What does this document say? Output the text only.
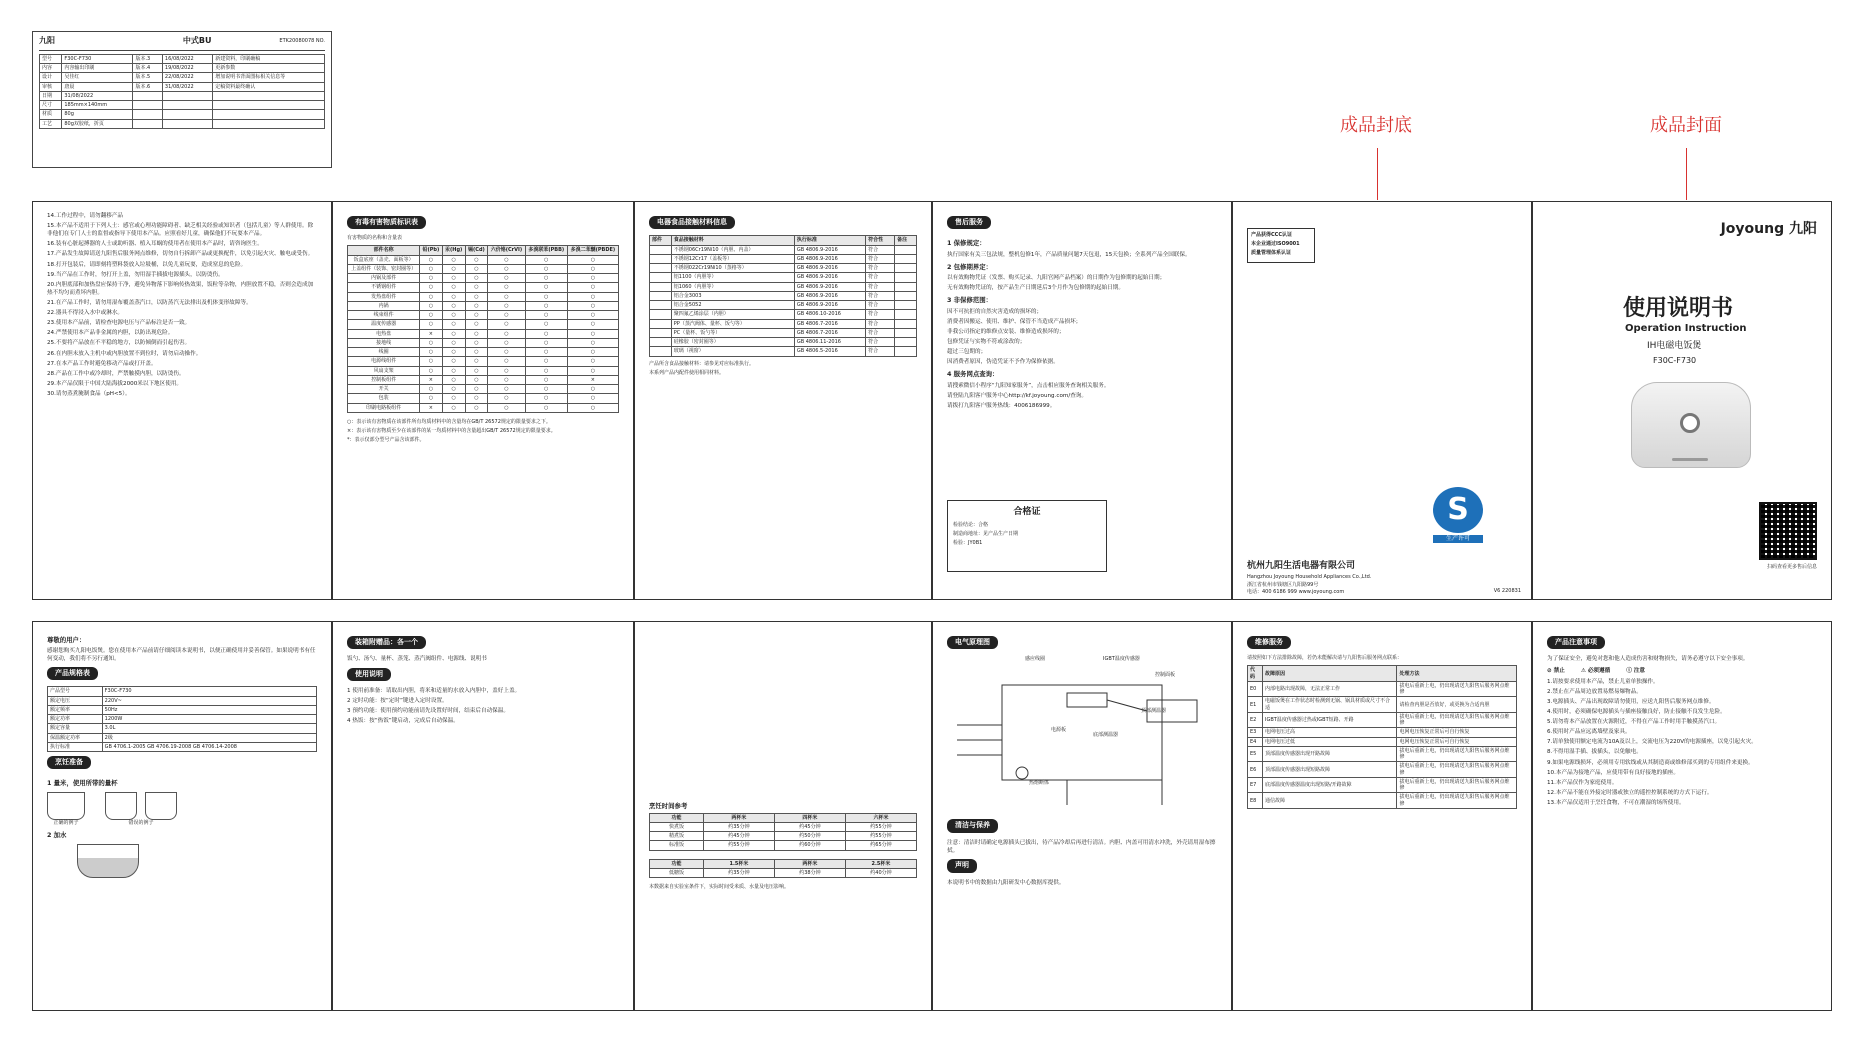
九阳	中式BU	ETK20080078 NO.
型号	F30C-F730	版本.3	16/08/2022	新建资料，印刷确稿
内容	内容输出印刷	版本.4	19/08/2022	更新参数
设计	吴佳红	版本.5	22/08/2022	增加说明书背面图标相关信息等
审核	唐晨	版本.6	31/08/2022	定稿资料最终确认
日期	31/08/2022			
尺寸	185mm×140mm			
材质	80g			
工艺	80g双胶纸，折页				成品封底	成品封面
14.工作过程中，请勿翻移产品
15.本产品不适用于下列人士：感官或心理功能障碍者、缺乏相关经验或知识者（包括儿童）等人群使用。除非他们在专门人士的监督或指导下使用本产品。应照看好儿童，确保他们不玩耍本产品。
16.装有心脏起搏器的人士或助听器、植入耳蜗的使用者在使用本产品时，请咨询医生。
17.产品发生故障请送九阳售后服务网点维修，切勿自行拆卸产品或更换配件，以免引起火灾、触电或受伤。
18.打开包装后，请即刻将塑料袋放入垃圾桶，以免儿童玩耍，造成窒息的危险。
19.当产品在工作时，勿打开上盖，勿用湿手插拔电源插头，以防烫伤。
20.内胆底部和加热盘应保持干净，避免异物落下影响传热效果，饭粒等杂物，内胆放置不稳，否则会造成加热不均匀而煮坏内胆。
21.在产品工作时，请勿用湿布覆盖蒸汽口，以防蒸汽无法排出及机体变形故障等。
22.器具不得浸入水中或淋水。
23.使用本产品前，请检查电源电压与产品标注是否一致。
24.严禁使用本产品非金属的内胆，以防出现危险。
25.不要将产品放在不平稳的地方，以防倾倒而引起伤害。
26.在内胆未放入主机中或内胆放置不到位时，请勿启动操作。
27.在本产品工作时避免移动产品或打开盖。
28.产品在工作中或冷却时，严禁触摸内胆，以防烫伤。
29.本产品仅限于中国大陆海拔2000米以下地区使用。
30.请勿蒸煮腌制食品（pH<5）。
有毒有害物质标识表
有害物质的名称和含量表
部件名称	铅(Pb)	汞(Hg)	镉(Cd)	六价铬(CrVI)	多溴联苯(PBB)	多溴二苯醚(PBDE)
饭盒底座（盖壳、面板等）	○	○	○	○	○	○
上盖组件（装饰、密封圈等）	○	○	○	○	○	○
内锅及部件	○	○	○	○	○	○
不锈钢组件	○	○	○	○	○	○
发热盘组件	○	○	○	○	○	○
内锅	○	○	○	○	○	○
线束组件	○	○	○	○	○	○
温度传感器	○	○	○	○	○	○
电热盘	×	○	○	○	○	○
接地线	○	○	○	○	○	○
线圈	○	○	○	○	○	○
电源线组件	○	○	○	○	○	○
风扇支架	○	○	○	○	○	○
控制板组件	×	○	○	○	○	×
开关	○	○	○	○	○	○
包装	○	○	○	○	○	○
印刷电路板组件	×	○	○	○	○	○
○：表示该有害物质在该部件所有均质材料中的含量均在GB/T 26572规定的限量要求之下。
×：表示该有害物质至少在该部件的某一均质材料中的含量超出GB/T 26572规定的限量要求。
*：表示仅部分型号产品含该部件。
电器食品接触材料信息
部件	食品接触材料	执行标准	符合性	备注
	不锈钢06Cr19Ni10（内胆、内盖）	GB 4806.9-2016	符合	
	不锈钢12Cr17（盖板等）	GB 4806.9-2016	符合	
	不锈钢022Cr19Ni10（蒸格等）	GB 4806.9-2016	符合	
	铝1100（内胆等）	GB 4806.9-2016	符合	
	铝1060（内胆等）	GB 4806.9-2016	符合	
	铝合金3003	GB 4806.9-2016	符合	
	铝合金5052	GB 4806.9-2016	符合	
	聚四氟乙烯涂层（内胆）	GB 4806.10-2016	符合	
	PP（蒸汽阀体、量杯、饭勺等）	GB 4806.7-2016	符合	
	PC（量杯、饭勺等）	GB 4806.7-2016	符合	
	硅橡胶（密封圈等）	GB 4806.11-2016	符合	
	玻璃（视窗）	GB 4806.5-2016	符合	
产品所含食品接触材料：请参见对应标准执行。
本系列产品内配件使用相同材料。
售后服务
1 保修规定：
执行国家有关三包法规，整机包修1年，产品质量问题7天包退，15天包换；全系列产品全国联保。
2 包修期界定：
以有效购物凭证（发票、购买记录、九阳官网产品档案）的日期作为包修期的起始日期；
无有效购物凭证的，按产品生产日期延后3个月作为包修期的起始日期。
3 非保修范围：
因不可抗拒的自然灾害造成的损坏的；
消费者因搬运、使用、维护、保管不当造成产品损坏；
非我公司指定的维修点安装、维修造成损坏的；
包修凭证与实物不符或涂改的；
超过三包期的；
因消费者原因，伪造凭证不予作为保修依据。
4 服务网点查询：
请搜索微信小程序“九阳知家服务”，点击相应服务查询相关服务。
请登陆九阳客户服务中心http://kf.joyoung.com/查询。
请拨打九阳客户服务热线：4006186999。
合格证
检验结论：合格
制造商地址：见产品生产日期
检验：JY0B1
产品获得CCC认证
本企业通过ISO9001
质量管理体系认证
S
生产许可
杭州九阳生活电器有限公司
Hangzhou Joyoung Household Appliances Co.,Ltd.
浙江省杭州市钱塘区九阳路99号
电话：400 6186 999 www.joyoung.com	V6 220831
Joyoung 九阳
使用说明书
Operation Instruction
IH电磁电饭煲
F30C-F730
扫码查看更多售后信息
尊敬的用户：
感谢您购买九阳电饭煲。您在使用本产品前请仔细阅读本说明书，以便正确使用并妥善保管。如果说明书有任何变动，我们将不另行通知。
产品规格表
产品型号	F30C-F730
额定电压	220V~
额定频率	50Hz
额定功率	1200W
额定容量	3.0L
保温额定功率	2级
执行标准	GB 4706.1-2005 GB 4706.19-2008 GB 4706.14-2008
烹饪准备
1 量米，使用所带的量杯
正确的例子	错误的例子
2 加水
装箱附赠品：各一个
饭勺、汤勺、量杯、蒸笼、蒸汽阀组件、电源线、说明书
使用说明
1 使用前准备：请取出内胆，将米和适量的水放入内胆中，盖好上盖。
2 定时功能：按“定时”键进入定时设置。
3 预约功能：使用预约功能前请先设置好时间，结束后自动保温。
4 热饭：按“热饭”键启动，完成后自动保温。
烹饪时间参考
功能	两杯米	四杯米	六杯米
快煮饭	约35分钟	约45分钟	约55分钟
精煮饭	约45分钟	约50分钟	约55分钟
标准饭	约55分钟	约60分钟	约65分钟
功能	1.5杯米	两杯米	2.5杯米
低糖饭	约35分钟	约38分钟	约40分钟
本数据来自实验室条件下，实际时间受米质、水量及电压影响。
电气原理图
感应线圈	IGBT温度传感器
控制面板
电源板
顶部测温器
底部测温器
热熔断体
清洁与保养
注意：清洁时请确定电源插头已拔出，待产品冷却后再进行清洁。内胆、内盖可用清水冲洗，外壳请用湿布擦拭。
声明
本说明书中的数据由九阳研发中心数据库提供。
维修服务
请按照如下方法排除故障，若仍未能解决请与九阳售后服务网点联系：
代码	故障原因	处理方法
E0	内部电路出现故障，无法正常工作	拔电后重新上电，仍出现请送九阳售后服务网点维修
E1	电磁饭煲在工作状态时检测到无锅、锅具材质或尺寸不合适	请检查内胆是否放好，或更换为合适内胆
E2	IGBT温度传感器过热或IGBT短路、开路	拔电后重新上电，仍出现请送九阳售后服务网点维修
E3	电网电压过高	电网电压恢复正常后可自行恢复
E4	电网电压过低	电网电压恢复正常后可自行恢复
E5	顶部温度传感器出现开路故障	拔电后重新上电，仍出现请送九阳售后服务网点维修
E6	顶部温度传感器出现短路故障	拔电后重新上电，仍出现请送九阳售后服务网点维修
E7	底部温度传感器温度出现短路/开路故障	拔电后重新上电，仍出现请送九阳售后服务网点维修
E8	通信故障	拔电后重新上电，仍出现请送九阳售后服务网点维修
产品注意事项
为了保证安全，避免对您和他人造成伤害和财物损失，请务必遵守以下安全事项。
⊘ 禁止	⚠ 必须遵循	ⓘ 注意
1.请按要求使用本产品，禁止儿童单独操作。
2.禁止在产品周边放置易燃易爆物品。
3.电源插头、产品出现故障请勿使用，应送九阳售后服务网点维修。
4.使用时，必须确保电源插头与插座接触良好，防止接触不良发生危险。
5.请勿将本产品放置在火源附近，不得在产品工作时用手触摸蒸汽口。
6.使用时产品应远离墙壁及家具。
7.请单独使用额定电流为10A及以上，交流电压为220V的电源插座，以免引起火灾。
8.不得用湿手插、拔插头，以免触电。
9.如果电源线损坏，必须用专用软线或从其制造商或维修部买到的专用组件来更换。
10.本产品为接地产品，应使用带有良好接地的插座。
11.本产品仅作为家庭使用。
12.本产品不能在外接定时器或独立的遥控控制系统的方式下运行。
13.本产品仅适用于烹饪食物，不可在潮湿的场所使用。
